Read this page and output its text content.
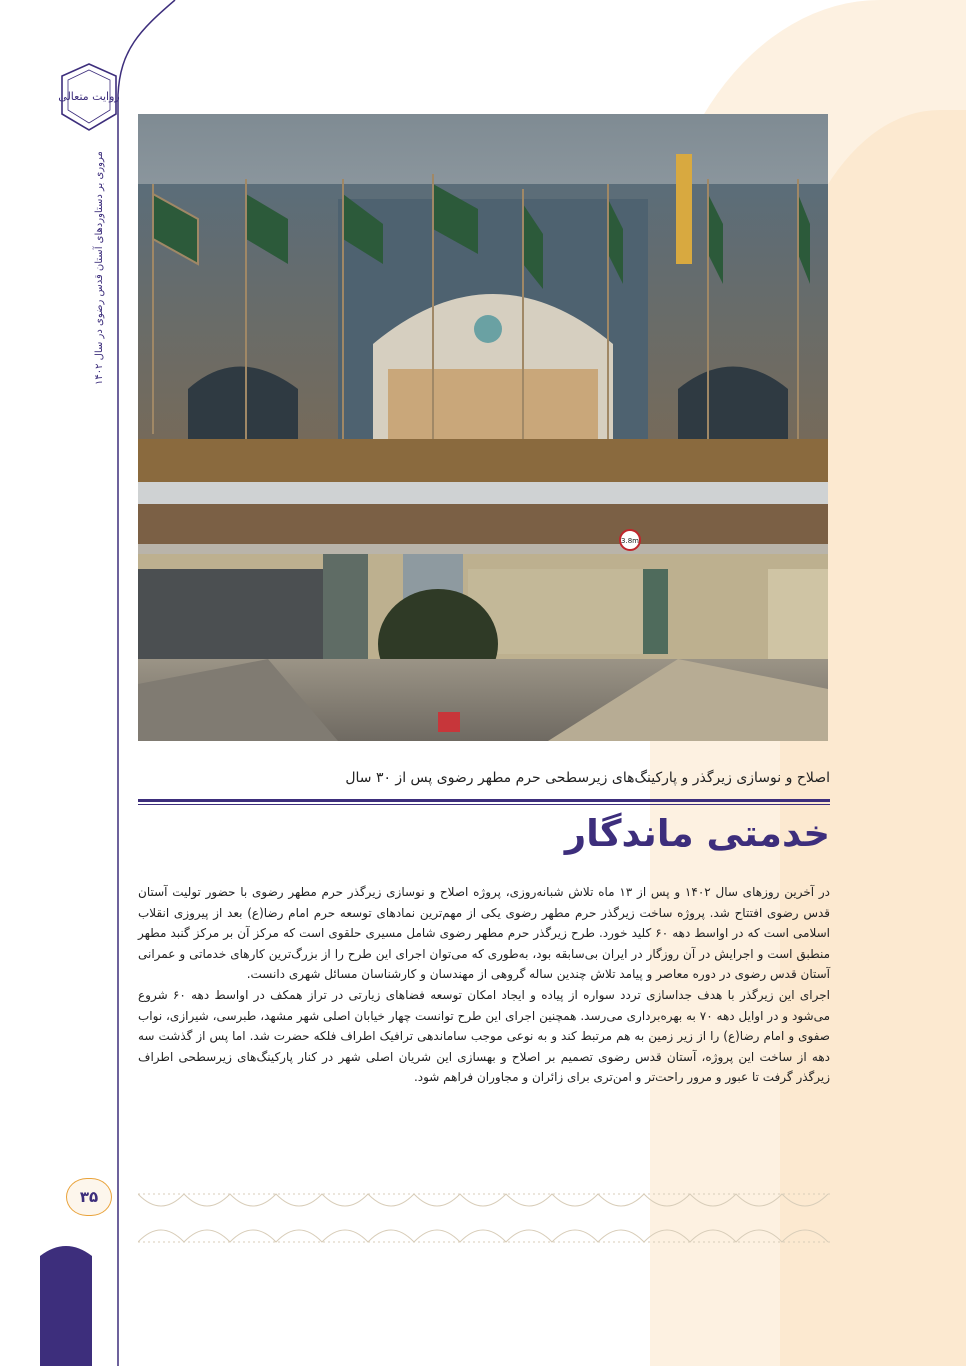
روایت متعالی
مروری بر دستاوردهای آستان قدس رضوی در سال ۱۴۰۲
۳۵
3.8m
اصلاح و نوسازی زیرگذر و پارکینگ‌های زیرسطحی حرم مطهر رضوی پس از ۳۰ سال
خدمتی ماندگار

در آخرین روزهای سال ۱۴۰۲ و پس از ۱۳ ماه تلاش شبانه‌روزی، پروژه اصلاح و نوسازی زیرگذر حرم مطهر رضوی با حضور تولیت آستان قدس رضوی افتتاح شد. پروژه ساخت زیرگذر حرم مطهر رضوی یکی از مهم‌ترین نمادهای توسعه حرم امام رضا(ع) بعد از پیروزی انقلاب اسلامی است که در اواسط دهه ۶۰ کلید خورد. طرح زیرگذر حرم مطهر رضوی شامل مسیری حلقوی است که مرکز آن بر مرکز گنبد مطهر منطبق است و اجرایش در آن روزگار در ایران بی‌سابقه بود، به‌طوری که می‌توان اجرای این طرح را از بزرگ‌ترین کارهای خدماتی و عمرانی آستان قدس رضوی در دوره معاصر و پیامد تلاش چندین ساله گروهی از مهندسان و کارشناسان مسائل شهری دانست.

اجرای این زیرگذر با هدف جداسازی تردد سواره از پیاده و ایجاد امکان توسعه فضاهای زیارتی در تراز همکف در اواسط دهه ۶۰ شروع می‌شود و در اوایل دهه ۷۰ به بهره‌برداری می‌رسد. همچنین اجرای این طرح توانست چهار خیابان اصلی شهر مشهد، طبرسی، شیرازی، نواب صفوی و امام رضا(ع) را از زیر زمین به هم مرتبط کند و به نوعی موجب ساماندهی ترافیک اطراف فلکه حضرت شد. اما پس از گذشت سه دهه از ساخت این پروژه، آستان قدس رضوی تصمیم بر اصلاح و بهسازی این شریان اصلی شهر در کنار پارکینگ‌های زیرسطحی اطراف زیرگذر گرفت تا عبور و مرور راحت‌تر و امن‌تری برای زائران و مجاوران فراهم شود.
